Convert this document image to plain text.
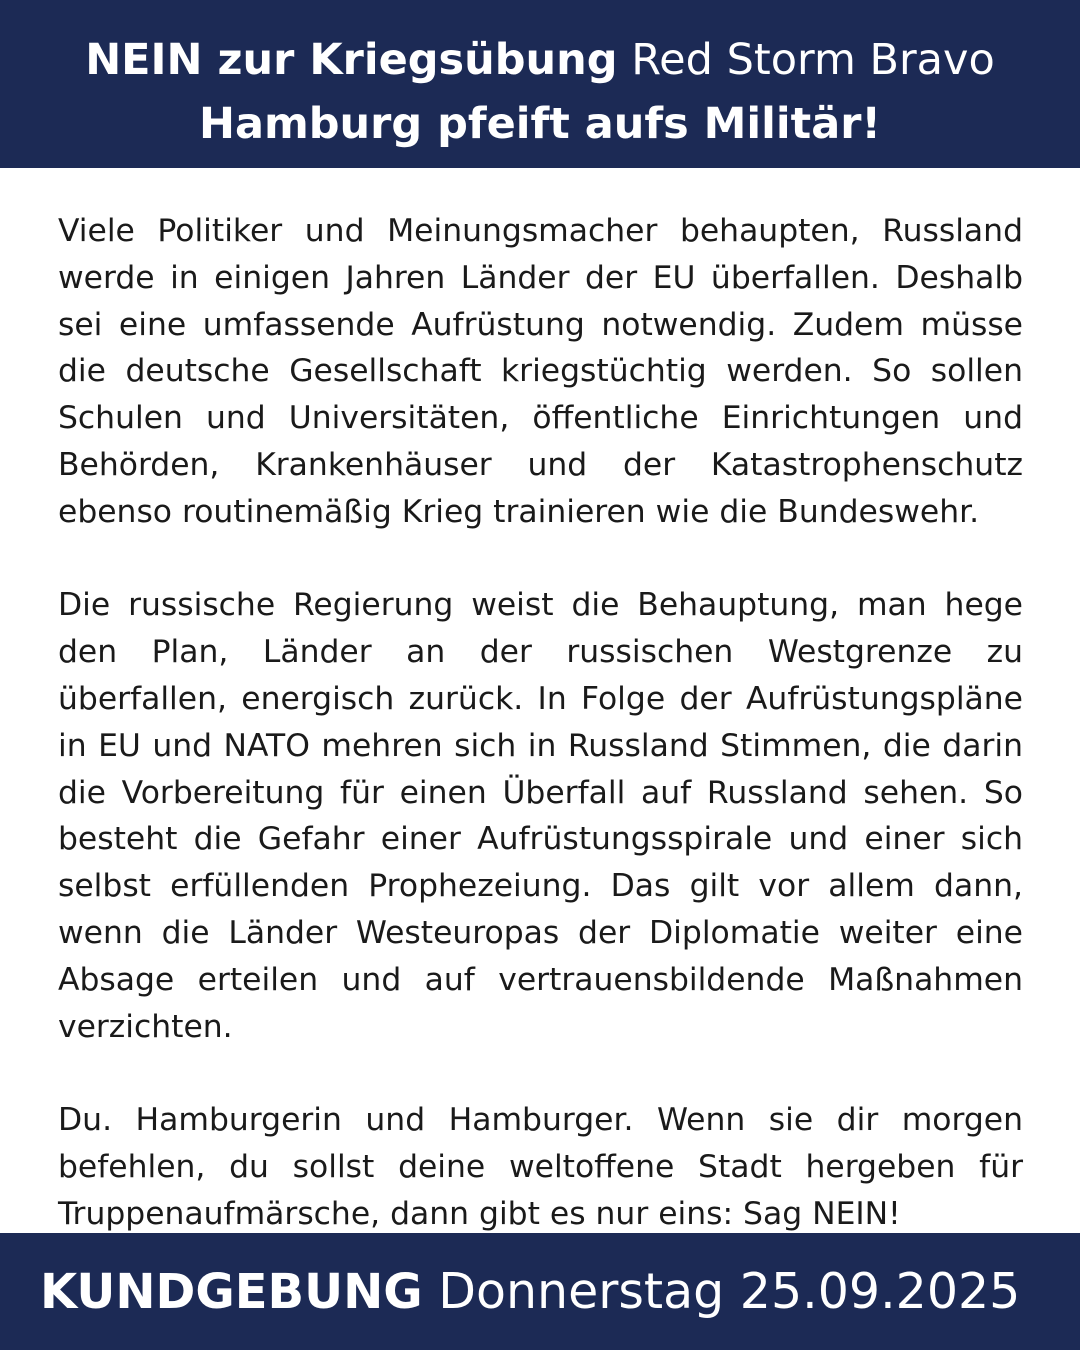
NEIN zur Kriegsübung Red Storm Bravo
Hamburg pfeift aufs Militär!

Viele Politiker und Meinungsmacher behaupten, Russland werde in einigen Jahren Länder der EU überfallen. Deshalb sei eine umfassende Aufrüstung notwendig. Zudem müsse die deutsche Gesellschaft kriegstüchtig werden. So sollen Schulen und Universitäten, öffentliche Einrichtungen und Behörden, Krankenhäuser und der Katastrophenschutz ebenso routinemäßig Krieg trainieren wie die Bundeswehr.

Die russische Regierung weist die Behauptung, man hege den Plan, Länder an der russischen Westgrenze zu überfallen, energisch zurück. In Folge der Aufrüstungspläne in EU und NATO mehren sich in Russland Stimmen, die darin die Vorbereitung für einen Überfall auf Russland sehen. So besteht die Gefahr einer Aufrüstungsspirale und einer sich selbst erfüllenden Prophezeiung. Das gilt vor allem dann, wenn die Länder Westeuropas der Diplomatie weiter eine Absage erteilen und auf vertrauensbildende Maßnahmen verzichten.

Du. Hamburgerin und Hamburger. Wenn sie dir morgen befehlen, du sollst deine weltoffene Stadt hergeben für Truppenaufmärsche, dann gibt es nur eins: Sag NEIN!

KUNDGEBUNG Donnerstag 25.09.2025
